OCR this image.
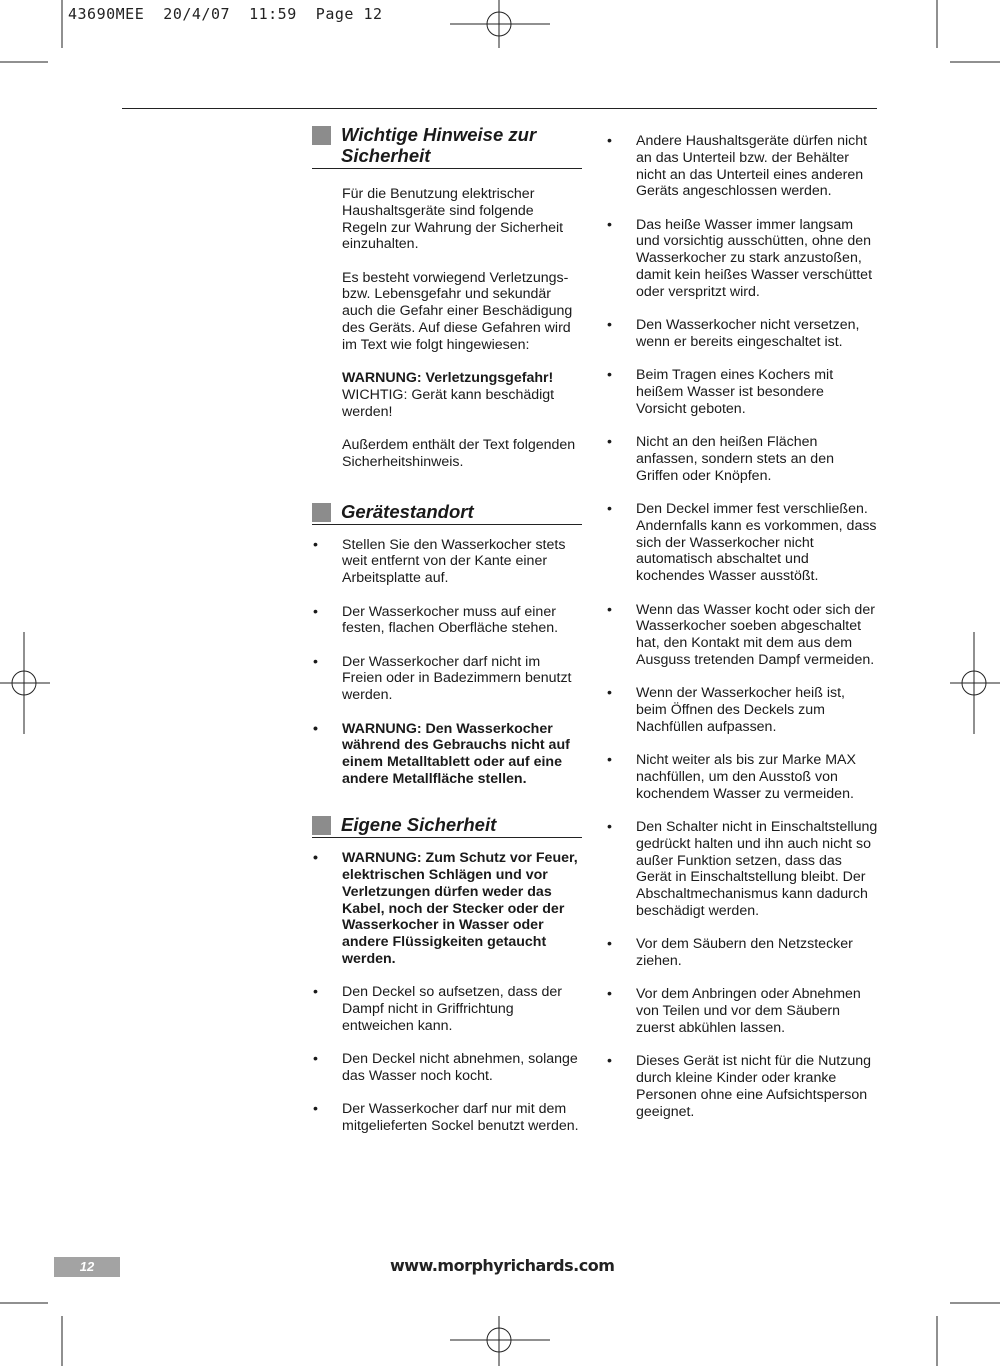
43690MEE  20/4/07  11:59  Page 12
Wichtige Hinweise zur Sicherheit

Für die Benutzung elektrischer Haushaltsgeräte sind folgende Regeln zur Wahrung der Sicherheit einzuhalten.

Es besteht vorwiegend Verletzungs- bzw. Lebensgefahr und sekundär auch die Gefahr einer Beschädigung des Geräts. Auf diese Gefahren wird im Text wie folgt hingewiesen:

WARNUNG: Verletzungsgefahr!
WICHTIG: Gerät kann beschädigt werden!

Außerdem enthält der Text folgenden Sicherheitshinweis.

Gerätestandort
• Stellen Sie den Wasserkocher stets weit entfernt von der Kante einer Arbeitsplatte auf.
• Der Wasserkocher muss auf einer festen, flachen Oberfläche stehen.
• Der Wasserkocher darf nicht im Freien oder in Badezimmern benutzt werden.
• WARNUNG: Den Wasserkocher während des Gebrauchs nicht auf einem Metalltablett oder auf eine andere Metallfläche stellen.
Eigene Sicherheit
• WARNUNG: Zum Schutz vor Feuer, elektrischen Schlägen und vor Verletzungen dürfen weder das Kabel, noch der Stecker oder der Wasserkocher in Wasser oder andere Flüssigkeiten getaucht werden.
• Den Deckel so aufsetzen, dass der Dampf nicht in Griffrichtung entweichen kann.
• Den Deckel nicht abnehmen, solange das Wasser noch kocht.
• Der Wasserkocher darf nur mit dem mitgelieferten Sockel benutzt werden.
• Andere Haushaltsgeräte dürfen nicht an das Unterteil bzw. der Behälter nicht an das Unterteil eines anderen Geräts angeschlossen werden.
• Das heiße Wasser immer langsam und vorsichtig ausschütten, ohne den Wasserkocher zu stark anzustoßen, damit kein heißes Wasser verschüttet oder verspritzt wird.
• Den Wasserkocher nicht versetzen, wenn er bereits eingeschaltet ist.
• Beim Tragen eines Kochers mit heißem Wasser ist besondere Vorsicht geboten.
• Nicht an den heißen Flächen anfassen, sondern stets an den Griffen oder Knöpfen.
• Den Deckel immer fest verschließen. Andernfalls kann es vorkommen, dass sich der Wasserkocher nicht automatisch abschaltet und kochendes Wasser ausstößt.
• Wenn das Wasser kocht oder sich der Wasserkocher soeben abgeschaltet hat, den Kontakt mit dem aus dem Ausguss tretenden Dampf vermeiden.
• Wenn der Wasserkocher heiß ist, beim Öffnen des Deckels zum Nachfüllen aufpassen.
• Nicht weiter als bis zur Marke MAX nachfüllen, um den Ausstoß von kochendem Wasser zu vermeiden.
• Den Schalter nicht in Einschaltstellung gedrückt halten und ihn auch nicht so außer Funktion setzen, dass das Gerät in Einschaltstellung bleibt. Der Abschaltmechanismus kann dadurch beschädigt werden.
• Vor dem Säubern den Netzstecker ziehen.
• Vor dem Anbringen oder Abnehmen von Teilen und vor dem Säubern zuerst abkühlen lassen.
• Dieses Gerät ist nicht für die Nutzung durch kleine Kinder oder kranke Personen ohne eine Aufsichtsperson geeignet.
12	www.morphyrichards.com
